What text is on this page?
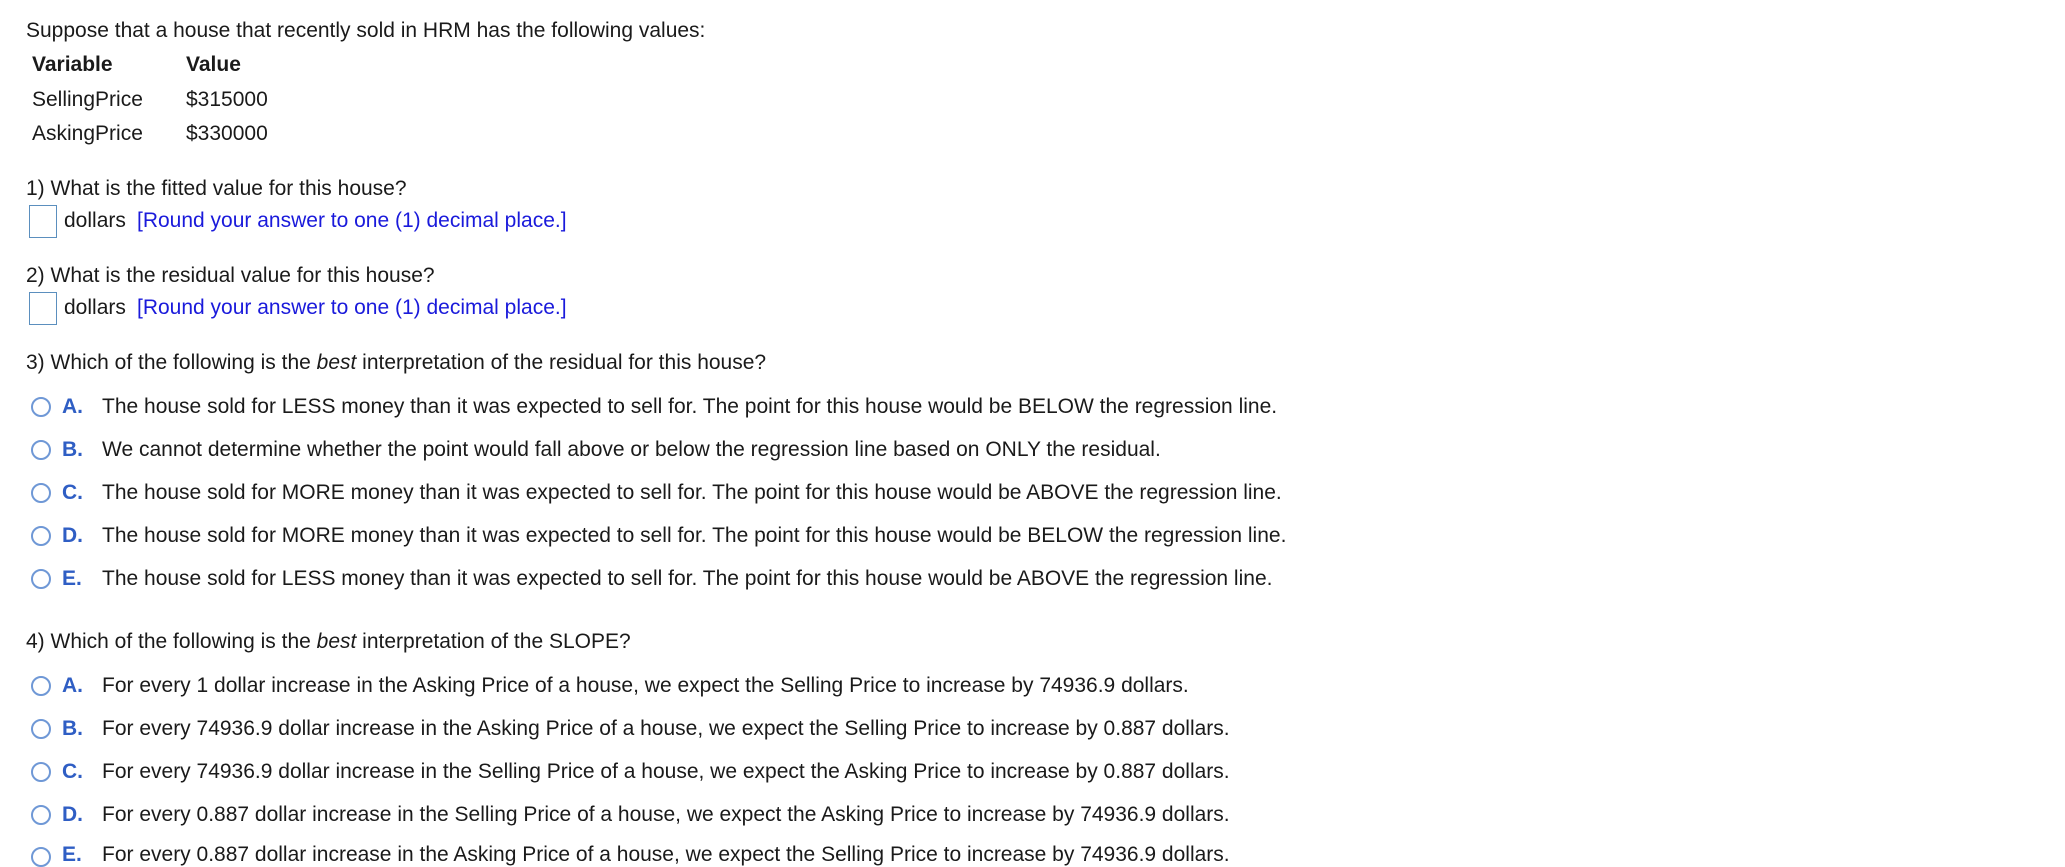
Suppose that a house that recently sold in HRM has the following values:
Variable	Value
SellingPrice $315000
AskingPrice $330000
1) What is the fitted value for this house?
dollars [Round your answer to one (1) decimal place.]
2) What is the residual value for this house?
dollars [Round your answer to one (1) decimal place.]
3) Which of the following is the best interpretation of the residual for this house?
A. The house sold for LESS money than it was expected to sell for. The point for this house would be BELOW the regression line.
B. We cannot determine whether the point would fall above or below the regression line based on ONLY the residual.
C. The house sold for MORE money than it was expected to sell for. The point for this house would be ABOVE the regression line.
D. The house sold for MORE money than it was expected to sell for. The point for this house would be BELOW the regression line.
E. The house sold for LESS money than it was expected to sell for. The point for this house would be ABOVE the regression line.
4) Which of the following is the best interpretation of the SLOPE?
A. For every 1 dollar increase in the Asking Price of a house, we expect the Selling Price to increase by 74936.9 dollars.
B. For every 74936.9 dollar increase in the Asking Price of a house, we expect the Selling Price to increase by 0.887 dollars.
C. For every 74936.9 dollar increase in the Selling Price of a house, we expect the Asking Price to increase by 0.887 dollars.
D. For every 0.887 dollar increase in the Selling Price of a house, we expect the Asking Price to increase by 74936.9 dollars.
E. For every 0.887 dollar increase in the Asking Price of a house, we expect the Selling Price to increase by 74936.9 dollars.
